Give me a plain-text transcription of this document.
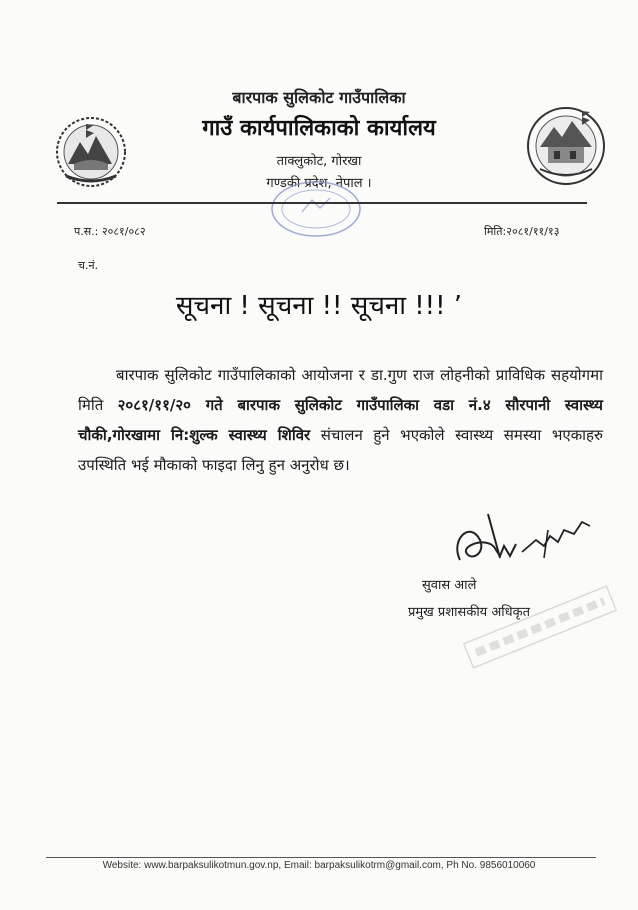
बारपाक सुलिकोट गाउँपालिका
गाउँ कार्यपालिकाको कार्यालय
ताक्लुकोट, गोरखा
गण्डकी प्रदेश, नेपाल ।
प.स.: २०८१/०८२	मिति:२०८१/११/१३
च.नं.
सूचना ! सूचना !! सूचना !!! ’
बारपाक सुलिकोट गाउँपालिकाको आयोजना र डा.गुण राज लोहनीको प्राविधिक सहयोगमा मिति २०८१/११/२० गते बारपाक सुलिकोट गाउँपालिका वडा नं.४ सौरपानी स्वास्थ्य चौकी,गोरखामा नि:शुल्क स्वास्थ्य शिविर संचालन हुने भएकोले स्वास्थ्य समस्या भएकाहरु उपस्थिति भई मौकाको फाइदा लिनु हुन अनुरोध छ।
सुवास आले
प्रमुख प्रशासकीय अधिकृत
Website: www.barpaksulikotmun.gov.np, Email: barpaksulikotrm@gmail.com, Ph No. 9856010060
